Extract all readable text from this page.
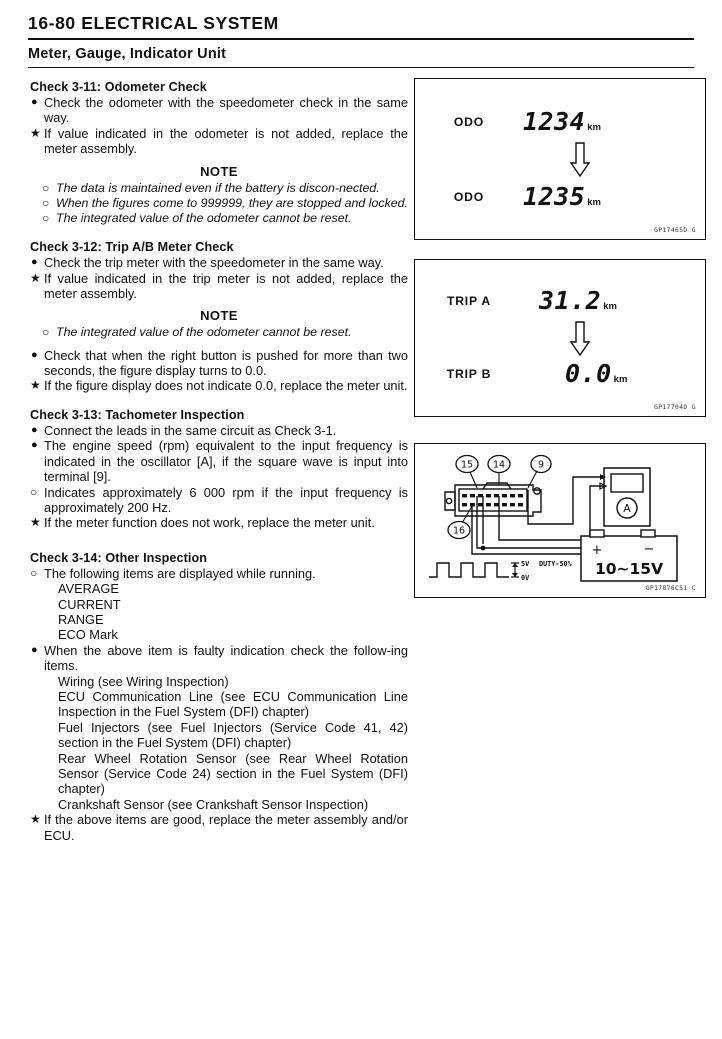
16-80 ELECTRICAL SYSTEM
Meter, Gauge, Indicator Unit
Check 3-11: Odometer Check
● Check the odometer with the speedometer check in the same way.
★ If value indicated in the odometer is not added, replace the meter assembly.
NOTE
○ The data is maintained even if the battery is discon-nected.
○ When the figures come to 999999, they are stopped and locked.
○ The integrated value of the odometer cannot be reset.
Check 3-12: Trip A/B Meter Check
● Check the trip meter with the speedometer in the same way.
★ If value indicated in the trip meter is not added, replace the meter assembly.
NOTE
○ The integrated value of the odometer cannot be reset.
● Check that when the right button is pushed for more than two seconds, the figure display turns to 0.0.
★ If the figure display does not indicate 0.0, replace the meter unit.
Check 3-13: Tachometer Inspection
● Connect the leads in the same circuit as Check 3-1.
● The engine speed (rpm) equivalent to the input frequency is indicated in the oscillator [A], if the square wave is input into terminal [9].
○ Indicates approximately 6 000 rpm if the input frequency is approximately 200 Hz.
★ If the meter function does not work, replace the meter unit.
Check 3-14: Other Inspection
○ The following items are displayed while running.
AVERAGE
CURRENT
RANGE
ECO Mark
● When the above item is faulty indication check the follow-ing items.
Wiring (see Wiring Inspection)
ECU Communication Line (see ECU Communication Line Inspection in the Fuel System (DFI) chapter)
Fuel Injectors (see Fuel Injectors (Service Code 41, 42) section in the Fuel System (DFI) chapter)
Rear Wheel Rotation Sensor (see Rear Wheel Rotation Sensor (Service Code 24) section in the Fuel System (DFI) chapter)
Crankshaft Sensor (see Crankshaft Sensor Inspection)
★ If the above items are good, replace the meter assembly and/or ECU.
ODO	1234 km
ODO	1235 km
GP17465D G
TRIP A	31.2 km
TRIP B	0.0 km
GP17704D G
15 14	9
16
A
+	−
10~15V
5V DUTY-50%
0V
GP17876C51 C
